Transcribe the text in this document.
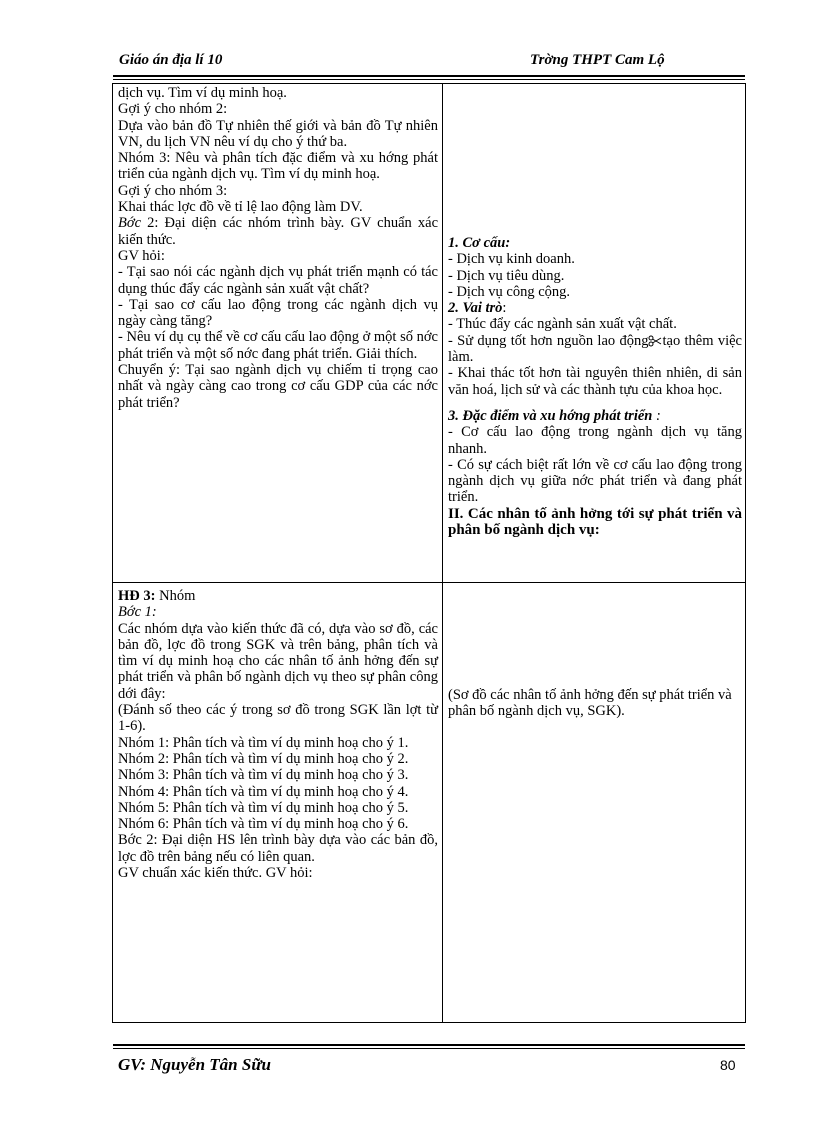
Giáo án địa lí 10	Trờng THPT Cam Lộ

dịch vụ. Tìm ví dụ minh hoạ.

Gợi ý cho nhóm 2:

Dựa vào bản đồ Tự nhiên thế giới và bản đồ Tự nhiên VN, du lịch VN nêu ví dụ cho ý thứ ba.

Nhóm 3: Nêu và phân tích đặc điểm và xu hớng phát triển của ngành dịch vụ. Tìm ví dụ minh hoạ.

Gợi ý cho nhóm 3:

Khai thác lợc đồ về tỉ lệ lao động làm DV.

Bớc 2: Đại diện các nhóm trình bày. GV chuẩn xác kiến thức.

GV hỏi:

- Tại sao nói các ngành dịch vụ phát triển mạnh có tác dụng thúc đẩy các ngành sản xuất vật chất?

- Tại sao cơ cấu lao động trong các ngành dịch vụ ngày càng tăng?

- Nêu ví dụ cụ thể về cơ cấu cấu lao động ở một số nớc phát triển và một số nớc đang phát triển. Giải thích.

Chuyển ý: Tại sao ngành dịch vụ chiếm tỉ trọng cao nhất và ngày càng cao trong cơ cấu GDP của các nớc phát triển?

HĐ 3: Nhóm

Bớc 1:

Các nhóm dựa vào kiến thức đã có, dựa vào sơ đồ, các bản đồ, lợc đồ trong SGK và trên bảng, phân tích và tìm ví dụ minh hoạ cho các nhân tố ảnh hởng đến sự phát triển và phân bố ngành dịch vụ theo sự phân công dới đây:

(Đánh số theo các ý trong sơ đồ trong SGK lần lợt từ 1-6).

Nhóm 1: Phân tích và tìm ví dụ minh hoạ cho ý 1.

Nhóm 2: Phân tích và tìm ví dụ minh hoạ cho ý 2.

Nhóm 3: Phân tích và tìm ví dụ minh hoạ cho ý 3.

Nhóm 4: Phân tích và tìm ví dụ minh hoạ cho ý 4.

Nhóm 5: Phân tích và tìm ví dụ minh hoạ cho ý 5.

Nhóm 6: Phân tích và tìm ví dụ minh hoạ cho ý 6.

Bớc 2: Đại diện HS lên trình bày dựa vào các bản đồ, lợc đồ trên bảng nếu có liên quan.

GV chuẩn xác kiến thức. GV hỏi:

1. Cơ cấu:

- Dịch vụ kinh doanh.

- Dịch vụ tiêu dùng.

- Dịch vụ công cộng.

2. Vai trò:

- Thúc đẩy các ngành sản xuất vật chất.

- Sử dụng tốt hơn nguồn lao động tạo thêm việc làm.

- Khai thác tốt hơn tài nguyên thiên nhiên, di sản văn hoá, lịch sử và các thành tựu của khoa học.

3. Đặc điểm và xu hớng phát triển :

- Cơ cấu lao động trong ngành dịch vụ tăng nhanh.

- Có sự cách biệt rất lớn về cơ cấu lao động trong ngành dịch vụ giữa nớc phát triển và đang phát triển.

II. Các nhân tố ảnh hởng tới sự phát triển và phân bố ngành dịch vụ:

(Sơ đồ các nhân tố ảnh hởng đến sự phát triển và phân bố ngành dịch vụ, SGK).

GV: Nguyễn Tân Sữu	80
